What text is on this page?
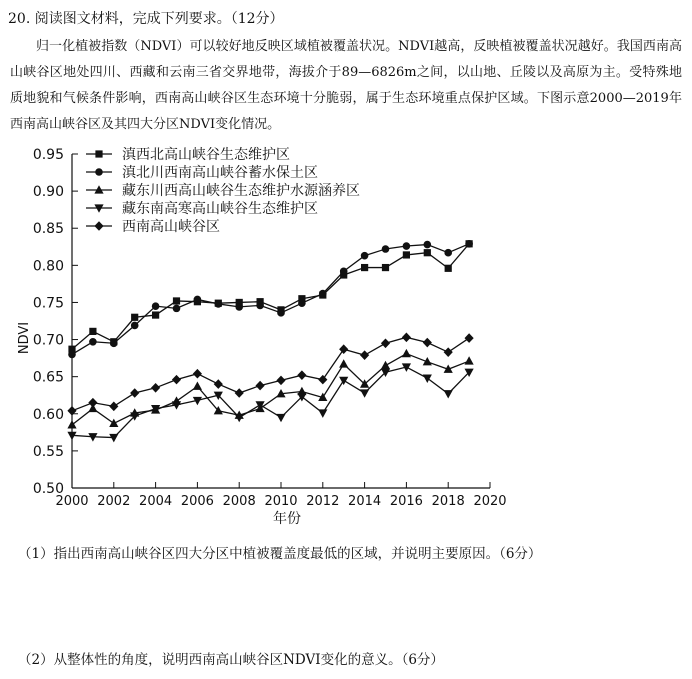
20. 阅读图文材料，完成下列要求。（12分）
归一化植被指数（NDVI）可以较好地反映区域植被覆盖状况。NDVI越高，反映植被覆盖状况越好。我国西南高山峡谷区地处四川、西藏和云南三省交界地带，海拔介于89—6826m之间，以山地、丘陵以及高原为主。受特殊地质地貌和气候条件影响，西南高山峡谷区生态环境十分脆弱，属于生态环境重点保护区域。下图示意2000—2019年西南高山峡谷区及其四大分区NDVI变化情况。
0.50
0.55
0.60
0.65
0.70
0.75
0.80
0.85
0.90
0.95
2000 2002 2004 2006 2008 2010 2012 2014 2016 2018 2020
滇西北高山峡谷生态维护区
滇北川西南高山峡谷蓄水保土区
藏东川西高山峡谷生态维护水源涵养区
藏东南高寒高山峡谷生态维护区
西南高山峡谷区
年份
NDVI
（1）指出西南高山峡谷区四大分区中植被覆盖度最低的区域，并说明主要原因。（6分）
（2）从整体性的角度，说明西南高山峡谷区NDVI变化的意义。（6分）
